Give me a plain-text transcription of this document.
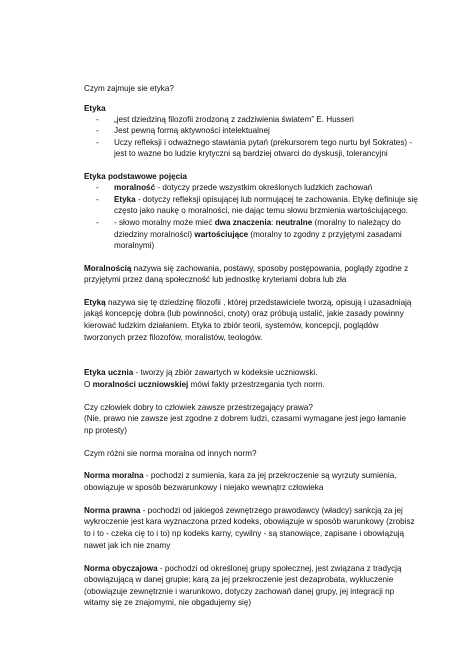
Czym zajmuje sie etyka?
Etyka
- „jest dziedziną filozofii zrodzoną z zadziwienia światem” E. Husseri
- Jest pewną formą aktywności intelektualnej
- Uczy refleksji i odważnego stawiania pytań (prekursorem tego nurtu był Sokrates) -
jest to wazne bo ludzie krytyczni są bardziej otwarci do dyskusji, tolerancyjni
Etyka podstawowe pojęcia
- moralność - dotyczy przede wszystkim określonych ludzkich zachowań
- Etyka - dotyczy refleksji opisującej lub normującej te zachowania. Etykę definiuje się
często jako naukę o moralności, nie dając temu słowu brzmienia wartościującego.
- - słowo moralny może mieć dwa znaczenia: neutralne (moralny to należący do
dziedziny moralności) wartościujące (moralny to zgodny z przyjętymi zasadami
moralnymi)
Moralnością nazywa się zachowania, postawy, sposoby postępowania, poglądy zgodne z
przyjętymi przez daną społeczność lub jednostkę kryteriami dobra lub zła
Etyką nazywa się tę dziedzinę filozofii , której przedstawiciele tworzą, opisują i uzasadniają
jakąś koncepcję dobra (lub powinności, cnoty) oraz próbują ustalić, jakie zasady powinny
kierować ludzkim działaniem. Etyka to zbiór teorii, systemów, koncepcji, poglądów
tworzonych przez filozofów, moralistów, teologów.
Etyka ucznia - tworzy ją zbiór zawartych w kodeksie uczniowski.
O moralności uczniowskiej mówi fakty przestrzegania tych norm.
Czy człowiek dobry to człowiek zawsze przestrzegający prawa?
(Nie, prawo nie zawsze jest zgodne z dobrem ludzi, czasami wymagane jest jego łamanie
np protesty)
Czym różni sie norma moralna od innych norm?
Norma moralna - pochodzi z sumienia, kara za jej przekroczenie są wyrzuty sumienia,
obowiązuje w sposób bezwarunkowy i niejako wewnątrz człowieka
Norma prawna - pochodzi od jakiegoś zewnętrzego prawodawcy (władcy) sankcją za jej
wykroczenie jest kara wyznaczona przed kodeks, obowiązuje w sposób warunkowy (zrobisz
to i to - czeka cię to i to) np kodeks karny, cywilny - są stanowiące, zapisane i obowiązują
nawet jak ich nie znamy
Norma obyczajowa - pochodzi od określonej grupy społecznej, jest związana z tradycją
obowiązującą w danej grupie; karą za jej przekroczenie jest dezaprobata, wykluczenie
(obowiązuje zewnętrznie i warunkowo, dotyczy zachowań danej grupy, jej integracji np
witamy się ze znajomymi, nie obgadujemy się)
